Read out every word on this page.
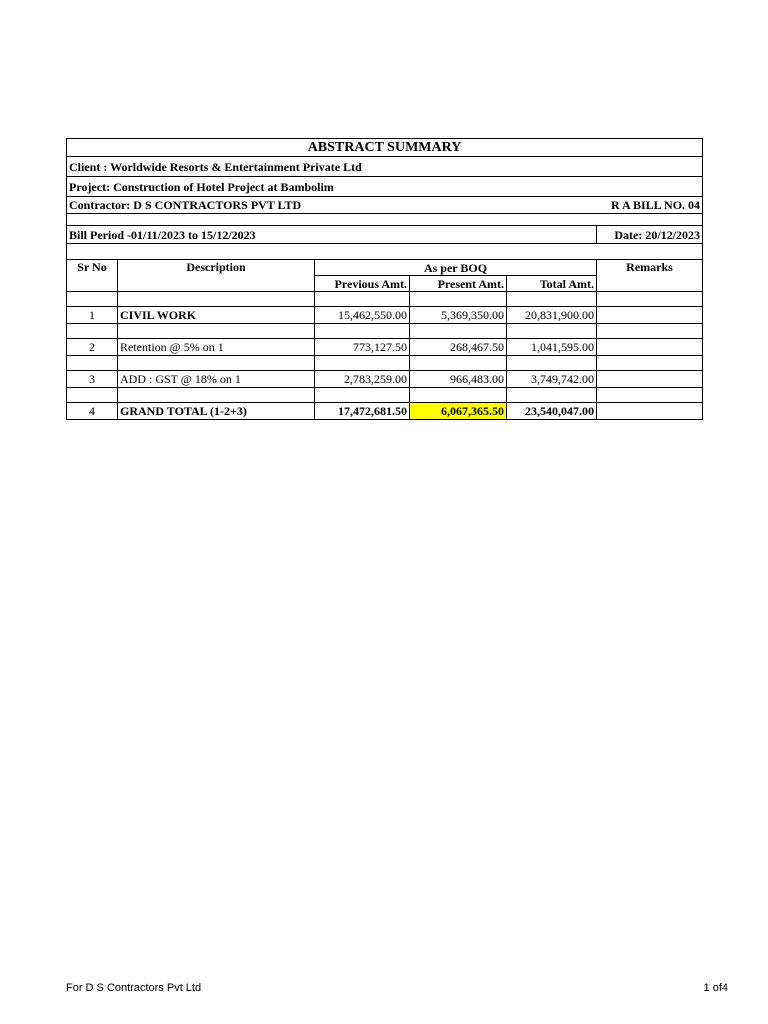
ABSTRACT SUMMARY					
Client : Worldwide Resorts & Entertainment Private Ltd					
Project: Construction of Hotel Project at Bambolim					
Contractor: D S CONTRACTORS PVT LTD				R A BILL NO. 04	

Bill Period -01/11/2023 to 15/12/2023					Date: 20/12/2023

Sr No	Description	As per BOQ			Remarks
		Previous Amt.	Present Amt.	Total Amt.	

1	CIVIL WORK	15,462,550.00	5,369,350.00	20,831,900.00	

2	Retention @ 5% on 1	773,127.50	268,467.50	1,041,595.00	

3	ADD : GST @ 18% on 1	2,783,259.00	966,483.00	3,749,742.00	

4	GRAND TOTAL (1-2+3)	17,472,681.50	6,067,365.50	23,540,047.00	
For D S Contractors Pvt Ltd	1 of4
